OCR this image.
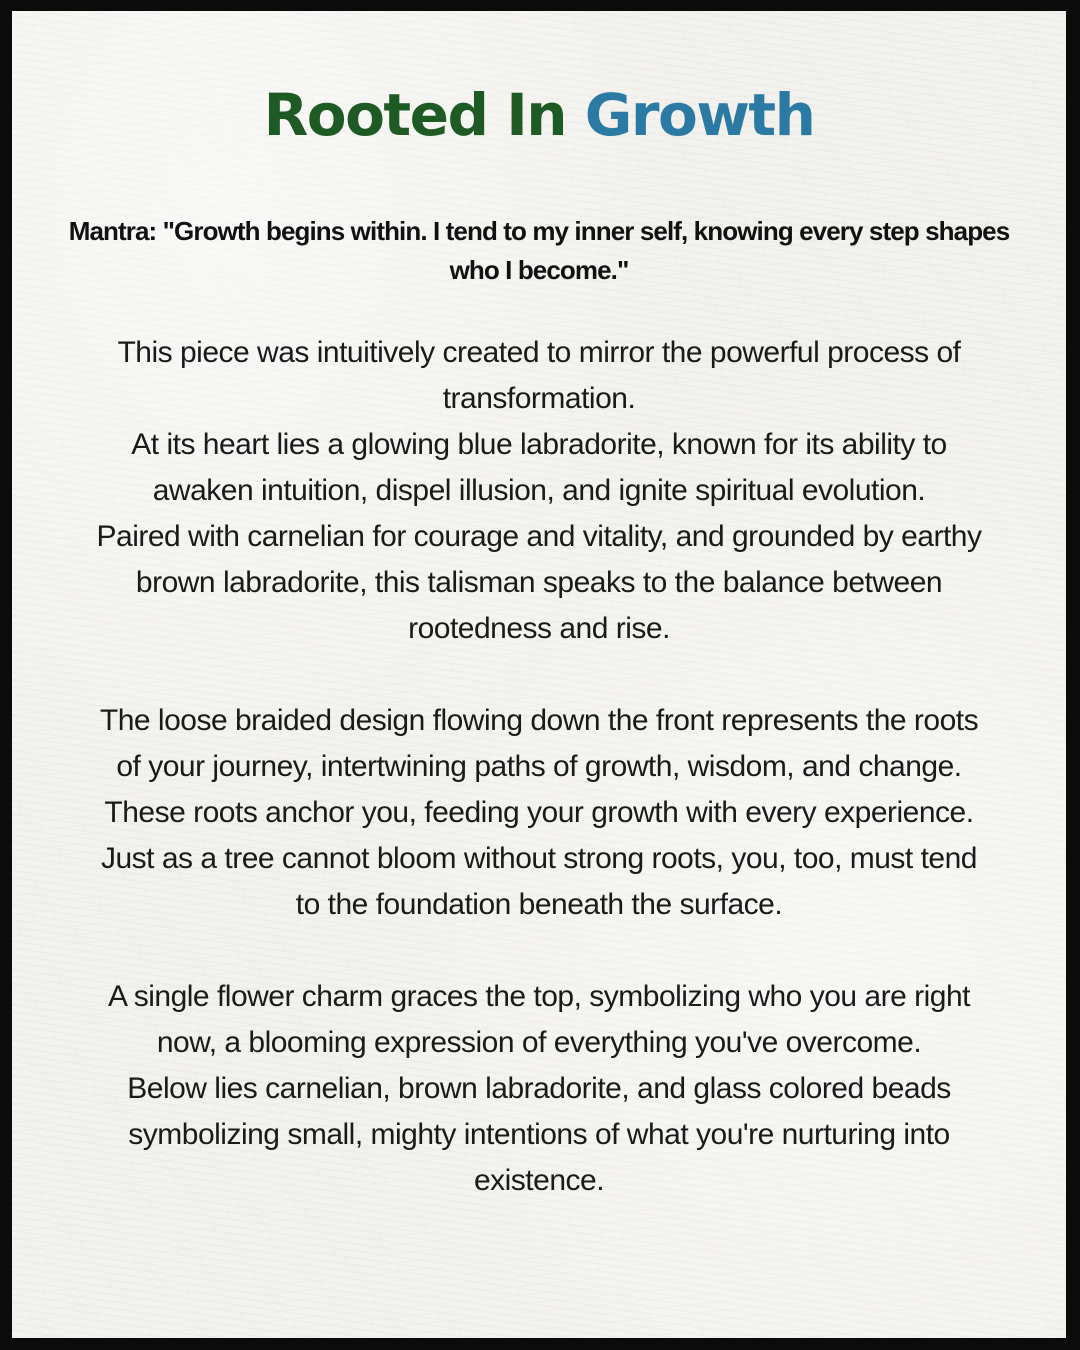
Rooted In Growth

Mantra: "Growth begins within. I tend to my inner self, knowing every step shapes
who I become."

This piece was intuitively created to mirror the powerful process of
transformation.
At its heart lies a glowing blue labradorite, known for its ability to
awaken intuition, dispel illusion, and ignite spiritual evolution.
Paired with carnelian for courage and vitality, and grounded by earthy
brown labradorite, this talisman speaks to the balance between
rootedness and rise.

The loose braided design flowing down the front represents the roots
of your journey, intertwining paths of growth, wisdom, and change.
These roots anchor you, feeding your growth with every experience.
Just as a tree cannot bloom without strong roots, you, too, must tend
to the foundation beneath the surface.

A single flower charm graces the top, symbolizing who you are right
now, a blooming expression of everything you've overcome.
Below lies carnelian, brown labradorite, and glass colored beads
symbolizing small, mighty intentions of what you're nurturing into
existence.
